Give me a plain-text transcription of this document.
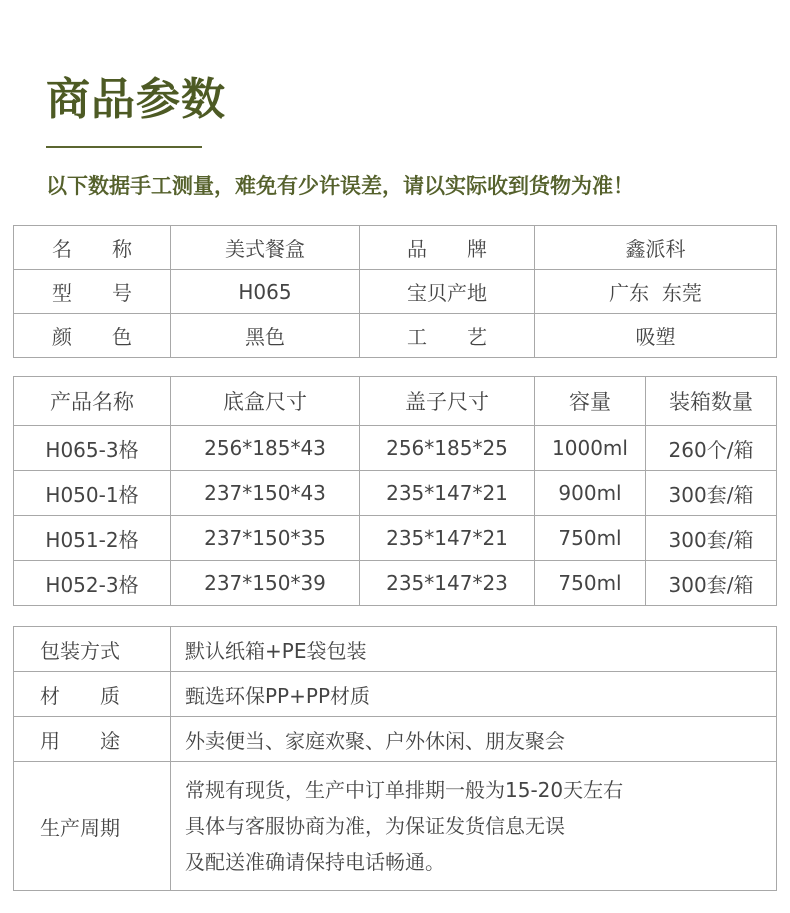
商品参数
以下数据手工测量，难免有少许误差，请以实际收到货物为准！
名　　称	美式餐盒	品　　牌	鑫派科
型　　号	H065	宝贝产地	广东  东莞
颜　　色	黑色	工　　艺	吸塑
产品名称	底盒尺寸	盖子尺寸	容量	装箱数量
H065-3格	256*185*43	256*185*25	1000ml	260个/箱
H050-1格	237*150*43	235*147*21	900ml	300套/箱
H051-2格	237*150*35	235*147*21	750ml	300套/箱
H052-3格	237*150*39	235*147*23	750ml	300套/箱
包装方式	默认纸箱+PE袋包装
材　　质	甄选环保PP+PP材质
用　　途	外卖便当、家庭欢聚、户外休闲、朋友聚会
生产周期	常规有现货，生产中订单排期一般为15-20天左右
具体与客服协商为准，为保证发货信息无误
及配送准确请保持电话畅通。
